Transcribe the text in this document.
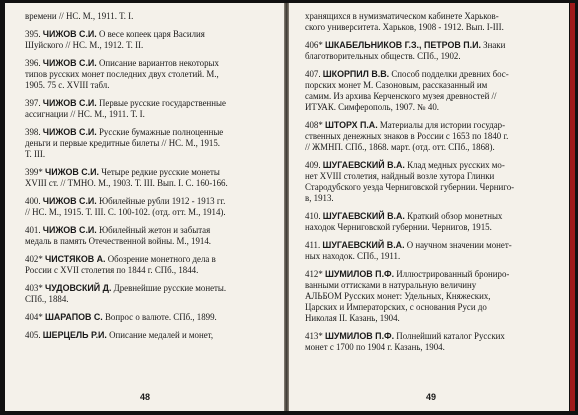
времени // НС. М., 1911. Т. I.
395. ЧИЖОВ С.И. О весе копеек царя Василия
Шуйского // НС. М., 1912. Т. II.
396. ЧИЖОВ С.И. Описание вариантов некоторых
типов русских монет последних двух столетий. М.,
1905. 75 с. XVIII табл.
397. ЧИЖОВ С.И. Первые русские государственные
ассигнации // НС. М., 1911. Т. I.
398. ЧИЖОВ С.И. Русские бумажные полноценные
деньги и первые кредитные билеты // НС. М., 1915.
Т. III.
399* ЧИЖОВ С.И. Четыре редкие русские монеты
XVIII ст. // ТМНО. М., 1903. Т. III. Вып. I. С. 160-166.
400. ЧИЖОВ С.И. Юбилейные рубли 1912 - 1913 гг.
// НС. М., 1915. Т. III. С. 100-102. (отд. отт. М., 1914).
401. ЧИЖОВ С.И. Юбилейный жетон и забытая
медаль в память Отечественной войны. М., 1914.
402* ЧИСТЯКОВ А. Обозрение монетного дела в
России с XVII столетия по 1844 г. СПб., 1844.
403* ЧУДОВСКИЙ Д. Древнейшие русские монеты.
СПб., 1884.
404* ШАРАПОВ С. Вопрос о валюте. СПб., 1899.
405. ШЕРЦЕЛЬ Р.И. Описание медалей и монет,
48
хранящихся в нумизматическом кабинете Харьков-
ского университета. Харьков, 1908 - 1912. Вып. I-III.
406* ШКАБЕЛЬНИКОВ Г.З., ПЕТРОВ П.И. Знаки
благотворительных обществ. СПб., 1902.
407. ШКОРПИЛ В.В. Способ подделки древних бос-
порских монет М. Сазоновым, рассказанный им
самим. Из архива Керченского музея древностей //
ИТУАК. Симферополь, 1907. № 40.
408* ШТОРХ П.А. Материалы для истории государ-
ственных денежных знаков в России с 1653 по 1840 г.
// ЖМНП. СПб., 1868. март. (отд. отт. СПб., 1868).
409. ШУГАЕВСКИЙ В.А. Клад медных русских мо-
нет XVIII столетия, найдный возле хутора Глинки
Стародубского уезда Черниговской губернии. Черниго-
в, 1913.
410. ШУГАЕВСКИЙ В.А. Краткий обзор монетных
находок Черниговской губернии. Чернигов, 1915.
411. ШУГАЕВСКИЙ В.А. О научном значении монет-
ных находок. СПб., 1911.
412* ШУМИЛОВ П.Ф. Иллюстрированный брониро-
ванными оттисками в натуральную величину
АЛЬБОМ Русских монет: Удельных, Княжеских,
Царских и Императорских, с основания Руси до
Николая II. Казань, 1904.
413* ШУМИЛОВ П.Ф. Полнейший каталог Русских
монет с 1700 по 1904 г. Казань, 1904.
49
